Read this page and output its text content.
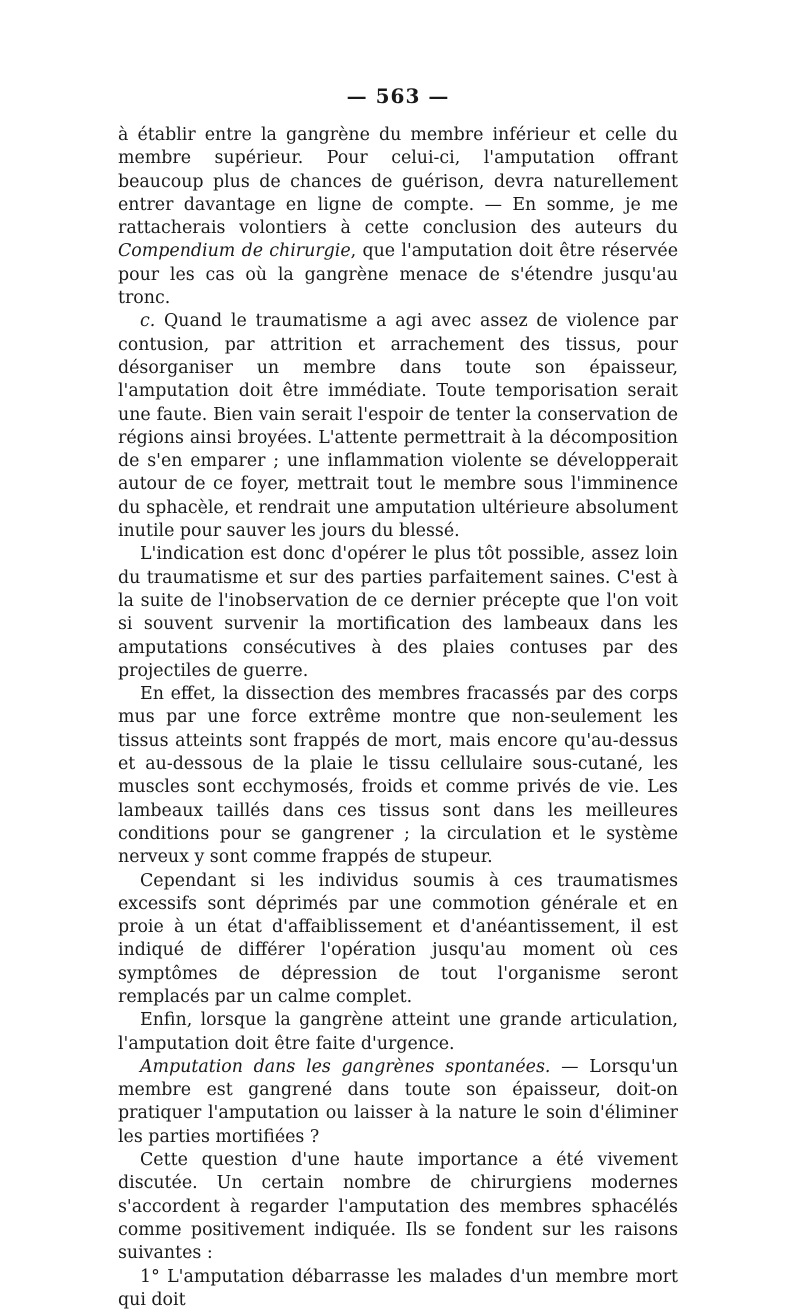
— 563 —

à établir entre la gangrène du membre inférieur et celle du membre supérieur. Pour celui-ci, l'amputation offrant beaucoup plus de chances de guérison, devra naturellement entrer davantage en ligne de compte. — En somme, je me rattacherais volontiers à cette conclusion des auteurs du Compendium de chirurgie, que l'amputation doit être réservée pour les cas où la gangrène menace de s'étendre jusqu'au tronc.

c. Quand le traumatisme a agi avec assez de violence par contusion, par attrition et arrachement des tissus, pour désorganiser un membre dans toute son épaisseur, l'amputation doit être immédiate. Toute temporisation serait une faute. Bien vain serait l'espoir de tenter la conservation de régions ainsi broyées. L'attente permettrait à la décomposition de s'en emparer ; une inflammation violente se développerait autour de ce foyer, mettrait tout le membre sous l'imminence du sphacèle, et rendrait une amputation ultérieure absolument inutile pour sauver les jours du blessé.

L'indication est donc d'opérer le plus tôt possible, assez loin du traumatisme et sur des parties parfaitement saines. C'est à la suite de l'inobservation de ce dernier précepte que l'on voit si souvent survenir la mortification des lambeaux dans les amputations consécutives à des plaies contuses par des projectiles de guerre.

En effet, la dissection des membres fracassés par des corps mus par une force extrême montre que non-seulement les tissus atteints sont frappés de mort, mais encore qu'au-dessus et au-dessous de la plaie le tissu cellulaire sous-cutané, les muscles sont ecchymosés, froids et comme privés de vie. Les lambeaux taillés dans ces tissus sont dans les meilleures conditions pour se gangrener ; la circulation et le système nerveux y sont comme frappés de stupeur.

Cependant si les individus soumis à ces traumatismes excessifs sont déprimés par une commotion générale et en proie à un état d'affaiblissement et d'anéantissement, il est indiqué de différer l'opération jusqu'au moment où ces symptômes de dépression de tout l'organisme seront remplacés par un calme complet.

Enfin, lorsque la gangrène atteint une grande articulation, l'amputation doit être faite d'urgence.

Amputation dans les gangrènes spontanées. — Lorsqu'un membre est gangrené dans toute son épaisseur, doit-on pratiquer l'amputation ou laisser à la nature le soin d'éliminer les parties mortifiées ?

Cette question d'une haute importance a été vivement discutée. Un certain nombre de chirurgiens modernes s'accordent à regarder l'amputation des membres sphacélés comme positivement indiquée. Ils se fondent sur les raisons suivantes :

1° L'amputation débarrasse les malades d'un membre mort qui doit
